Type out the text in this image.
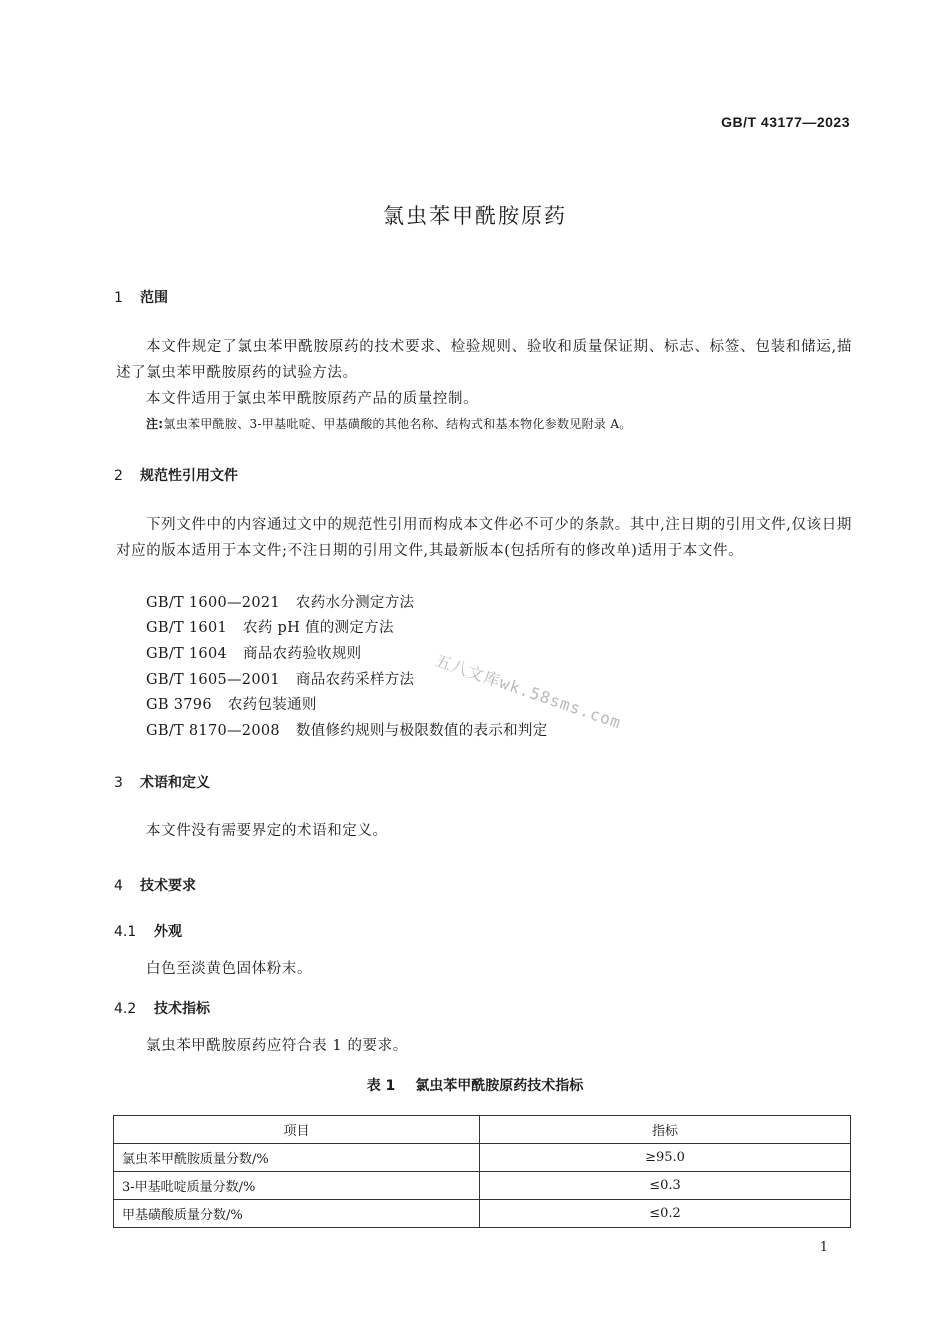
GB/T 43177—2023
氯虫苯甲酰胺原药
1 范围

本文件规定了氯虫苯甲酰胺原药的技术要求、检验规则、验收和质量保证期、标志、标签、包装和储运,描述了氯虫苯甲酰胺原药的试验方法。

本文件适用于氯虫苯甲酰胺原药产品的质量控制。

注:氯虫苯甲酰胺、3-甲基吡啶、甲基磺酸的其他名称、结构式和基本物化参数见附录 A。
2 规范性引用文件

下列文件中的内容通过文中的规范性引用而构成本文件必不可少的条款。其中,注日期的引用文件,仅该日期对应的版本适用于本文件;不注日期的引用文件,其最新版本(包括所有的修改单)适用于本文件。

GB/T 1600—2021 农药水分测定方法
GB/T 1601 农药 pH 值的测定方法
GB/T 1604 商品农药验收规则
GB/T 1605—2001 商品农药采样方法
GB 3796 农药包装通则
GB/T 8170—2008 数值修约规则与极限数值的表示和判定
3 术语和定义

本文件没有需要界定的术语和定义。

4 技术要求
4.1 外观

白色至淡黄色固体粉末。

4.2 技术指标

氯虫苯甲酰胺原药应符合表 1 的要求。

表 1 氯虫苯甲酰胺原药技术指标
项目	指标
氯虫苯甲酰胺质量分数/%	≥95.0
3-甲基吡啶质量分数/%	≤0.3
甲基磺酸质量分数/%	≤0.2
1
五八文库wk.58sms.com
